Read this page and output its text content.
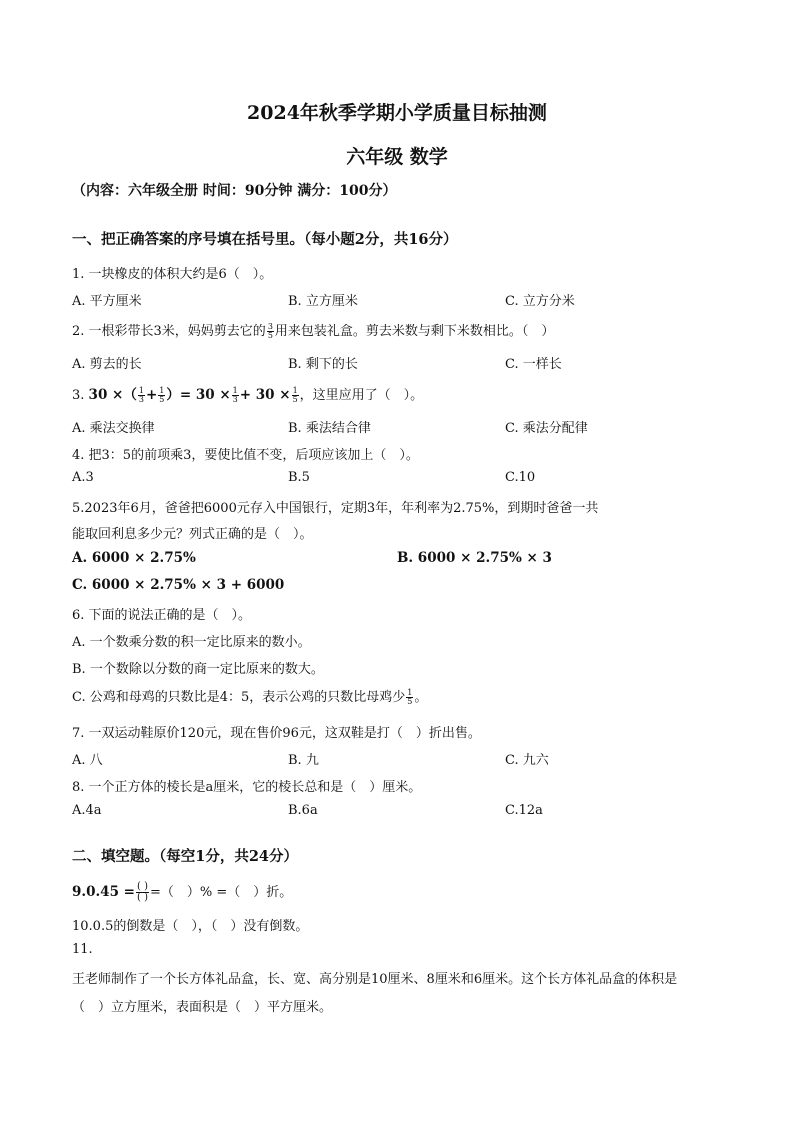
2024年秋季学期小学质量目标抽测
六年级 数学
（内容：六年级全册 时间：90分钟 满分：100分）
一、把正确答案的序号填在括号里。（每小题2分，共16分）
1. 一块橡皮的体积大约是6（　）。
A. 平方厘米	B. 立方厘米	C. 立方分米
2. 一根彩带长3米，妈妈剪去它的 $\frac{3}{5}$ 用来包装礼盒。剪去米数与剩下米数相比。（　）
A. 剪去的长	B. 剩下的长	C. 一样长
3. 30 ×（ $\frac{1}{3} + \frac{1}{5}$ ）= $30 \times \frac{1}{3} + 30 \times \frac{1}{5}$ ，这里应用了（　）。
A. 乘法交换律	B. 乘法结合律	C. 乘法分配律
4. 把3：5的前项乘3，要使比值不变，后项应该加上（　）。
A.3	B.5	C.10
5.2023年6月，爸爸把6000元存入中国银行，定期3年，年利率为2.75%，到期时爸爸一共
能取回利息多少元？列式正确的是（　）。
A. 6000 × 2.75%	B. 6000 × 2.75% × 3
C. 6000 × 2.75% × 3 + 6000
6. 下面的说法正确的是（　）。
A. 一个数乘分数的积一定比原来的数小。
B. 一个数除以分数的商一定比原来的数大。
C. 公鸡和母鸡的只数比是4：5，表示公鸡的只数比母鸡少 $\frac{1}{5}$ 。
7. 一双运动鞋原价120元，现在售价96元，这双鞋是打（　）折出售。
A. 八	B. 九	C. 九六
8. 一个正方体的棱长是a厘米，它的棱长总和是（　）厘米。
A.4a	B.6a	C.12a
二、填空题。（每空1分，共24分）
$9.0.45 = \frac{( )}{( )}$ =（　）% =（　）折。
10.0.5的倒数是（　），（　）没有倒数。
11.
王老师制作了一个长方体礼品盒，长、宽、高分别是10厘米、8厘米和6厘米。这个长方体礼品盒的体积是
（　）立方厘米，表面积是（　）平方厘米。
